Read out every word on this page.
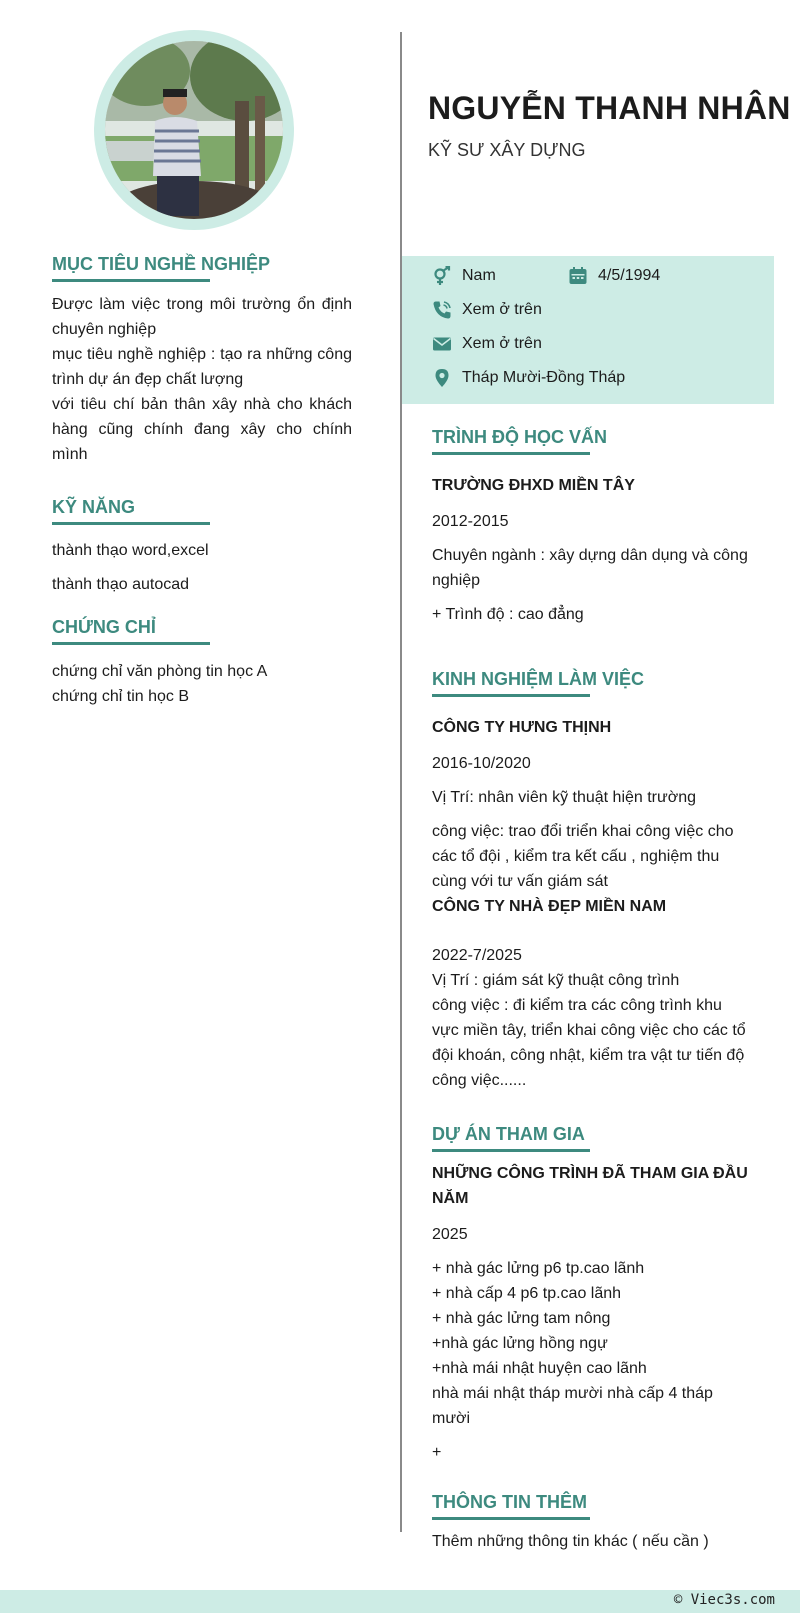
MỤC TIÊU NGHỀ NGHIỆP
Được làm việc trong môi trường ổn định chuyên nghiệp
mục tiêu nghề nghiệp : tạo ra những công trình dự án đẹp chất lượng
với tiêu chí bản thân xây nhà cho khách hàng cũng chính đang xây cho chính mình
KỸ NĂNG
thành thạo word,excel
thành thạo autocad
CHỨNG CHỈ
chứng chỉ văn phòng tin học A
chứng chỉ tin học B
NGUYỄN THANH NHÂN
KỸ SƯ XÂY DỰNG
Nam	4/5/1994
Xem ở trên
Xem ở trên
Tháp Mười-Đồng Tháp
TRÌNH ĐỘ HỌC VẤN
TRƯỜNG ĐHXD MIỀN TÂY
2012-2015
Chuyên ngành : xây dựng dân dụng và công nghiệp
+ Trình độ : cao đẳng
KINH NGHIỆM LÀM VIỆC
CÔNG TY HƯNG THỊNH
2016-10/2020
Vị Trí: nhân viên kỹ thuật hiện trường
công việc: trao đổi triển khai công việc cho các tổ đội , kiểm tra kết cấu , nghiệm thu cùng với tư vấn giám sát
CÔNG TY NHÀ ĐẸP MIỀN NAM
2022-7/2025
Vị Trí : giám sát kỹ thuật công trình
công việc : đi kiểm tra các công trình khu vực miền tây, triển khai công việc cho các tổ đội khoán, công nhật, kiểm tra vật tư tiến độ công việc......
DỰ ÁN THAM GIA
NHỮNG CÔNG TRÌNH ĐÃ THAM GIA ĐẦU NĂM
2025
+ nhà gác lửng p6 tp.cao lãnh
+ nhà cấp 4 p6 tp.cao lãnh
+ nhà gác lửng tam nông
+nhà gác lửng hồng ngự
+nhà mái nhật huyện cao lãnh
nhà mái nhật tháp mười nhà cấp 4 tháp mười
+
THÔNG TIN THÊM
Thêm những thông tin khác ( nếu cần )
© Viec3s.com
